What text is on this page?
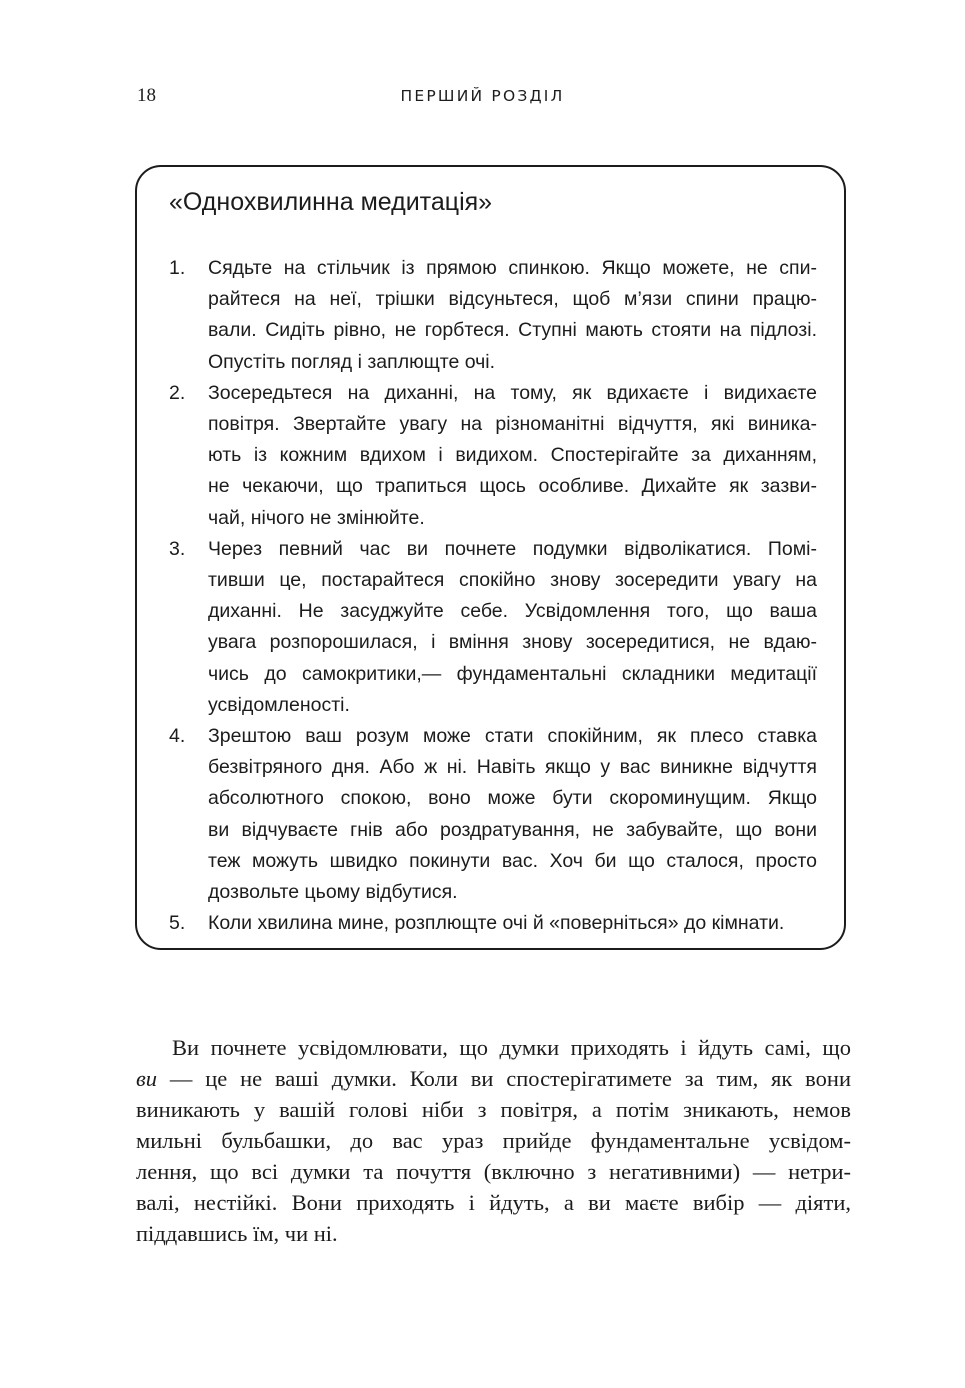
18	ПЕРШИЙ РОЗДІЛ
«Однохвилинна медитація»
1. Сядьте на стільчик із прямою спинкою. Якщо можете, не спи-
райтеся на неї, трішки відсуньтеся, щоб м’язи спини працю-
вали. Сидіть рівно, не горбтеся. Ступні мають стояти на підлозі.
Опустіть погляд і заплющте очі.
2. Зосередьтеся на диханні, на тому, як вдихаєте і видихаєте
повітря. Звертайте увагу на різноманітні відчуття, які виника-
ють із кожним вдихом і видихом. Спостерігайте за диханням,
не чекаючи, що трапиться щось особливе. Дихайте як зазви-
чай, нічого не змінюйте.
3. Через певний час ви почнете подумки відволікатися. Помі-
тивши це, постарайтеся спокійно знову зосередити увагу на
диханні. Не засуджуйте себе. Усвідомлення того, що ваша
увага розпорошилася, і вміння знову зосередитися, не вдаю-
чись до самокритики,— фундаментальні складники медитації
усвідомленості.
4. Зрештою ваш розум може стати спокійним, як плесо ставка
безвітряного дня. Або ж ні. Навіть якщо у вас виникне відчуття
абсолютного спокою, воно може бути скороминущим. Якщо
ви відчуваєте гнів або роздратування, не забувайте, що вони
теж можуть швидко покинути вас. Хоч би що сталося, просто
дозвольте цьому відбутися.
5. Коли хвилина мине, розплющте очі й «поверніться» до кімнати.
Ви почнете усвідомлювати, що думки приходять і йдуть самі, що
ви — це не ваші думки. Коли ви спостерігатимете за тим, як вони
виникають у вашій голові ніби з повітря, а потім зникають, немов
мильні бульбашки, до вас ураз прийде фундаментальне усвідом-
лення, що всі думки та почуття (включно з негативними) — нетри-
валі, нестійкі. Вони приходять і йдуть, а ви маєте вибір — діяти,
піддавшись їм, чи ні.
